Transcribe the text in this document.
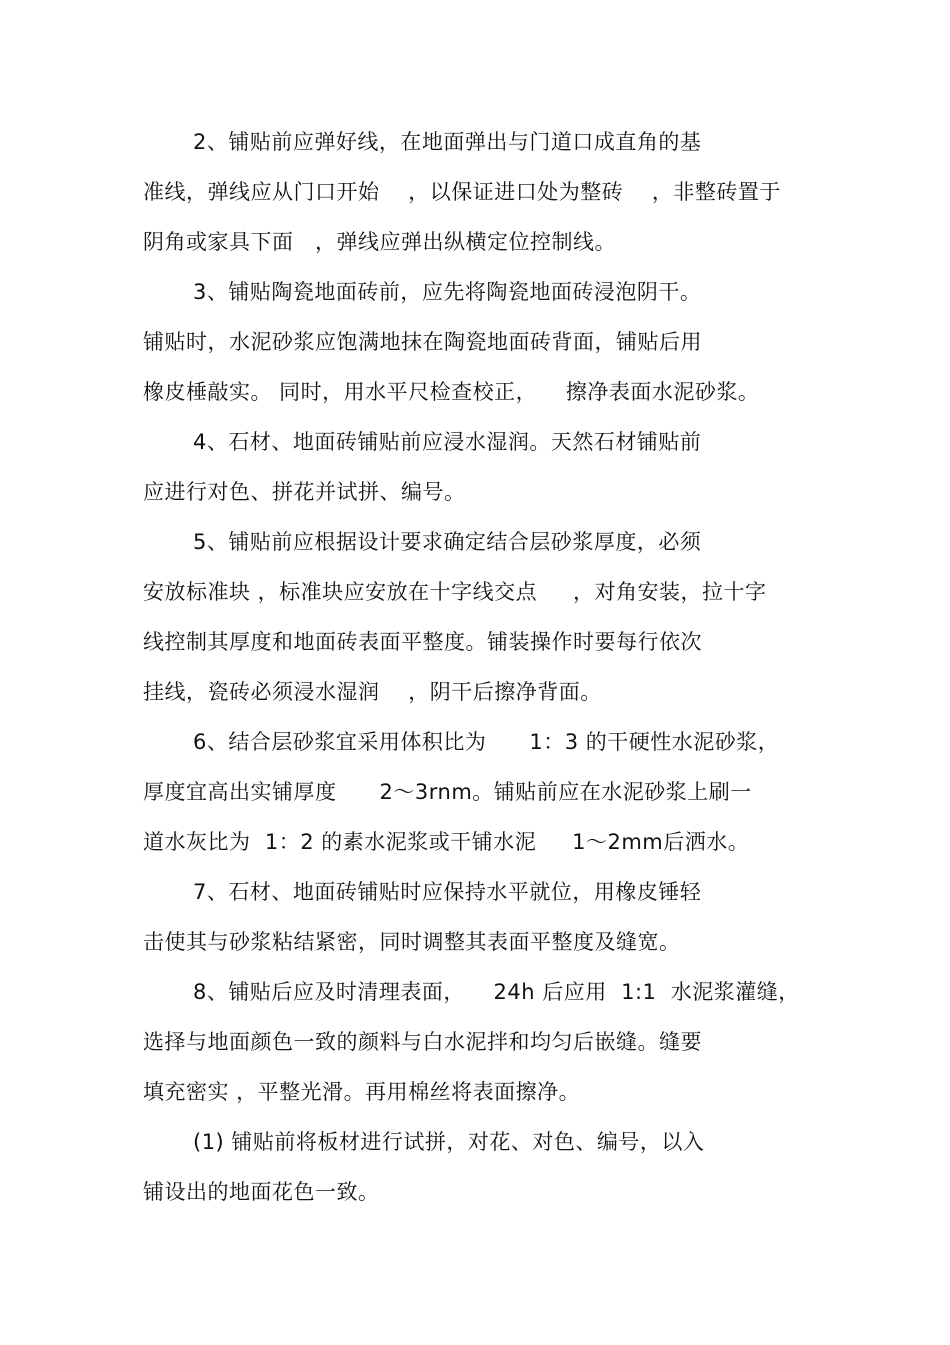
2、铺贴前应弹好线，在地面弹出与门道口成直角的基
准线，弹线应从门口开始    ，以保证进口处为整砖    ，非整砖置于
阴角或家具下面   ，弹线应弹出纵横定位控制线。
3、铺贴陶瓷地面砖前，应先将陶瓷地面砖浸泡阴干。
铺贴时，水泥砂浆应饱满地抹在陶瓷地面砖背面，铺贴后用
橡皮棰敲实。 同时，用水平尺检查校正，    擦净表面水泥砂浆。
4、石材、地面砖铺贴前应浸水湿润。天然石材铺贴前
应进行对色、拼花并试拼、编号。
5、铺贴前应根据设计要求确定结合层砂浆厚度，必须
安放标准块 ，标准块应安放在十字线交点     ，对角安装，拉十字
线控制其厚度和地面砖表面平整度。铺装操作时要每行依次
挂线，瓷砖必须浸水湿润    ，阴干后擦净背面。
6、结合层砂浆宜采用体积比为      1：3 的干硬性水泥砂浆，
厚度宜高出实铺厚度      2～3rnm。铺贴前应在水泥砂浆上刷一
道水灰比为  1：2 的素水泥浆或干铺水泥     1～2mm后洒水。
7、石材、地面砖铺贴时应保持水平就位，用橡皮锤轻
击使其与砂浆粘结紧密，同时调整其表面平整度及缝宽。
8、铺贴后应及时清理表面，    24h 后应用  1:1  水泥浆灌缝，
选择与地面颜色一致的颜料与白水泥拌和均匀后嵌缝。缝要
填充密实 ，平整光滑。再用棉丝将表面擦净。
(1) 铺贴前将板材进行试拼，对花、对色、编号，以入
铺设出的地面花色一致。
